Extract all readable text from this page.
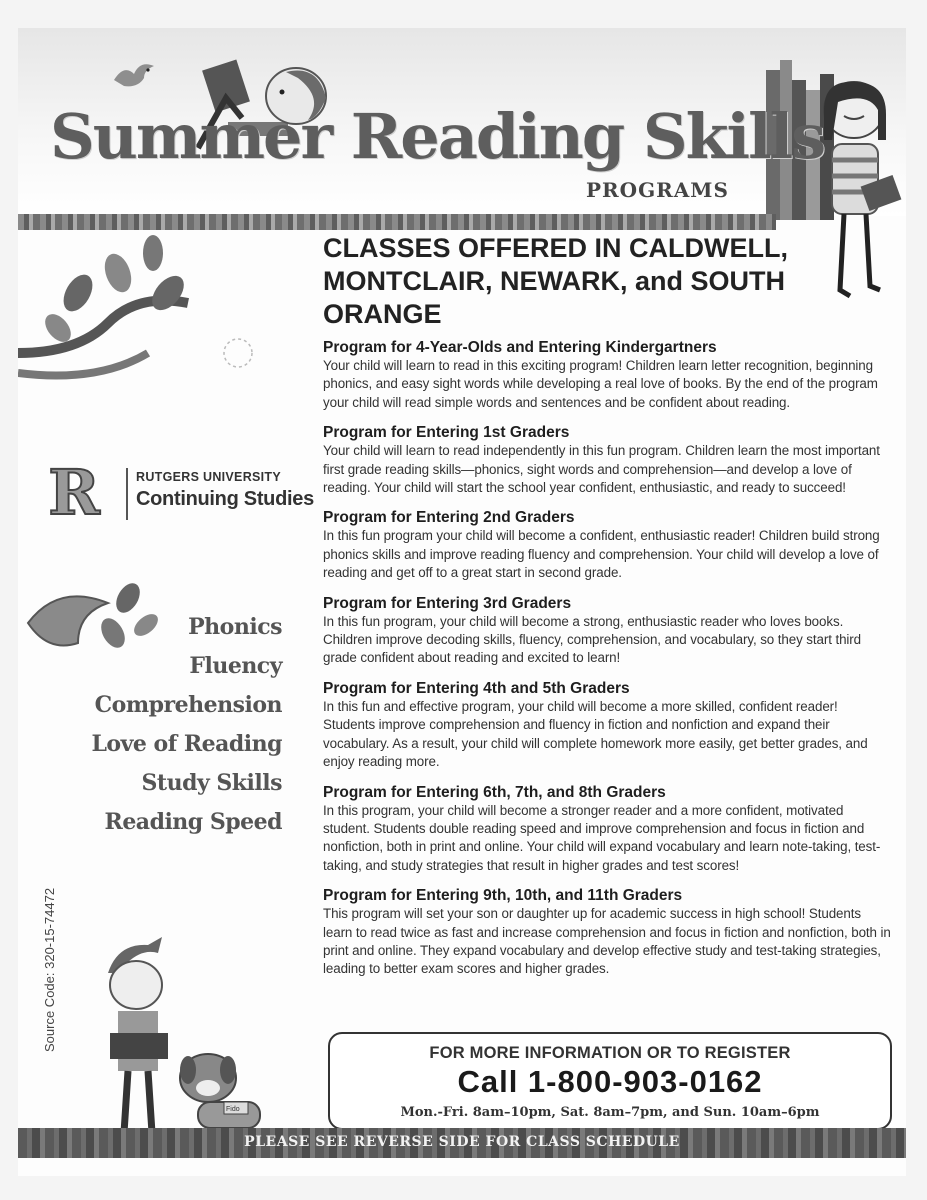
Summer Reading Skills
PROGRAMS
CLASSES OFFERED IN CALDWELL, MONTCLAIR, NEWARK, and SOUTH ORANGE
Program for 4-Year-Olds and Entering Kindergartners

Your child will learn to read in this exciting program! Children learn letter recognition, beginning phonics, and easy sight words while developing a real love of books. By the end of the program your child will read simple words and sentences and be confident about reading.

Program for Entering 1st Graders

Your child will learn to read independently in this fun program. Children learn the most important first grade reading skills—phonics, sight words and comprehension—and develop a love of reading. Your child will start the school year confident, enthusiastic, and ready to succeed!

Program for Entering 2nd Graders

In this fun program your child will become a confident, enthusiastic reader! Children build strong phonics skills and improve reading fluency and comprehension. Your child will develop a love of reading and get off to a great start in second grade.

Program for Entering 3rd Graders

In this fun program, your child will become a strong, enthusiastic reader who loves books. Children improve decoding skills, fluency, comprehension, and vocabulary, so they start third grade confident about reading and excited to learn!

Program for Entering 4th and 5th Graders

In this fun and effective program, your child will become a more skilled, confident reader! Students improve comprehension and fluency in fiction and nonfiction and expand their vocabulary. As a result, your child will complete homework more easily, get better grades, and enjoy reading more.

Program for Entering 6th, 7th, and 8th Graders

In this program, your child will become a stronger reader and a more confident, motivated student. Students double reading speed and improve comprehension and focus in fiction and nonfiction, both in print and online. Your child will expand vocabulary and learn note-taking, test-taking, and study strategies that result in higher grades and test scores!

Program for Entering 9th, 10th, and 11th Graders

This program will set your son or daughter up for academic success in high school! Students learn to read twice as fast and increase comprehension and focus in fiction and nonfiction, both in print and online. They expand vocabulary and develop effective study and test-taking strategies, leading to better exam scores and higher grades.

R	RUTGERS UNIVERSITY
Continuing Studies
Phonics
Fluency
Comprehension
Love of Reading
Study Skills
Reading Speed
Source Code: 320-15-74472
Fido
FOR MORE INFORMATION OR TO REGISTER
Call 1-800-903-0162
Mon.-Fri. 8am–10pm, Sat. 8am–7pm, and Sun. 10am–6pm
PLEASE SEE REVERSE SIDE FOR CLASS SCHEDULE
